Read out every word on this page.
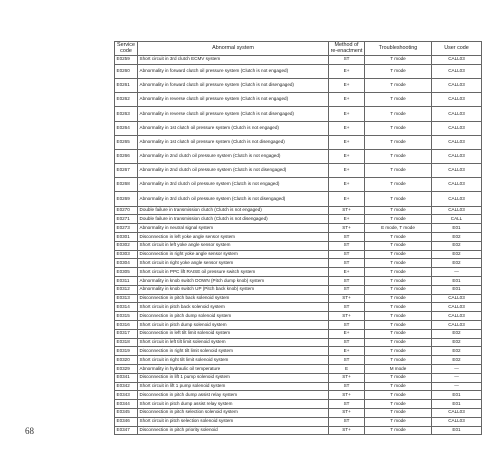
Service code	Abnormal system	Method of re-enactment	Troubleshooting	User code
E0259	Short circuit in 3rd clutch ECMV system	ST	T mode	CALL03
E0260	Abnormality in forward clutch oil pressure system (Clutch is not engaged)	E+	T mode	CALL03
E0261	Abnormality in forward clutch oil pressure system (Clutch is not disengaged)	E+	T mode	CALL03
E0262	Abnormality in reverse clutch oil pressure system (Clutch is not engaged)	E+	T mode	CALL03
E0263	Abnormality in reverse clutch oil pressure system (Clutch is not disengaged)	E+	T mode	CALL03
E0264	Abnormality in 1st clutch oil pressure system (Clutch is not engaged)	E+	T mode	CALL03
E0265	Abnormality in 1st clutch oil pressure system (Clutch is not disengaged)	E+	T mode	CALL03
E0266	Abnormality in 2nd clutch oil pressure system (Clutch is not engaged)	E+	T mode	CALL03
E0267	Abnormality in 2nd clutch oil pressure system (Clutch is not disengaged)	E+	T mode	CALL03
E0268	Abnormality in 3rd clutch oil pressure system (Clutch is not engaged)	E+	T mode	CALL03
E0269	Abnormality in 3rd clutch oil pressure system (Clutch is not disengaged)	E+	T mode	CALL03
E0270	Double failure in transmission clutch (Clutch is not engaged)	ST+	T mode	CALL03
E0271	Double failure in transmission clutch (Clutch is not disengaged)	E+	T mode	CALL
E0273	Abnormality in neutral signal system	ST+	E mode, T mode	E01
E0301	Disconnection in left yoke angle sensor system	ST	T mode	E02
E0302	Short circuit in left yoke angle sensor system	ST	T mode	E02
E0303	Disconnection in right yoke angle sensor system	ST	T mode	E02
E0304	Short circuit in right yoke angle sensor system	ST	T mode	E02
E0305	Short circuit in PPC lift RAISE oil pressure switch system	E+	T mode	—
E0311	Abnormality in knob switch DOWN (Pitch dump knob) system	ST	T mode	E01
E0312	Abnormality in knob switch UP (Pitch back knob) system	ST	T mode	E01
E0313	Disconnection in pitch back solenoid system	ST+	T mode	CALL03
E0314	Short circuit in pitch back solenoid system	ST	T mode	CALL03
E0315	Disconnection in pitch dump solenoid system	ST+	T mode	CALL03
E0316	Short circuit in pitch dump solenoid system	ST	T mode	CALL03
E0317	Disconnection in left tilt limit solenoid system	E+	T mode	E02
E0318	Short circuit in left tilt limit solenoid system	ST	T mode	E02
E0319	Disconnection in right tilt limit solenoid system	E+	T mode	E02
E0320	Short circuit in right tilt limit solenoid system	ST	T mode	E02
E0329	Abnormality in hydraulic oil temperature	E	M mode	—
E0341	Disconnection in lift 1 pump solenoid system	ST+	T mode	—
E0342	Short circuit in lift 1 pump solenoid system	ST	T mode	—
E0343	Disconnection in pitch dump assist relay system	ST+	T mode	E01
E0344	Short circuit in pitch dump assist relay system	ST	T mode	E01
E0345	Disconnection in pitch selection solenoid system	ST+	T mode	CALL03
E0346	Short circuit in pitch selection solenoid system	ST	T mode	CALL03
E0347	Disconnection in pitch priority solenoid	ST+	T mode	E01
68
